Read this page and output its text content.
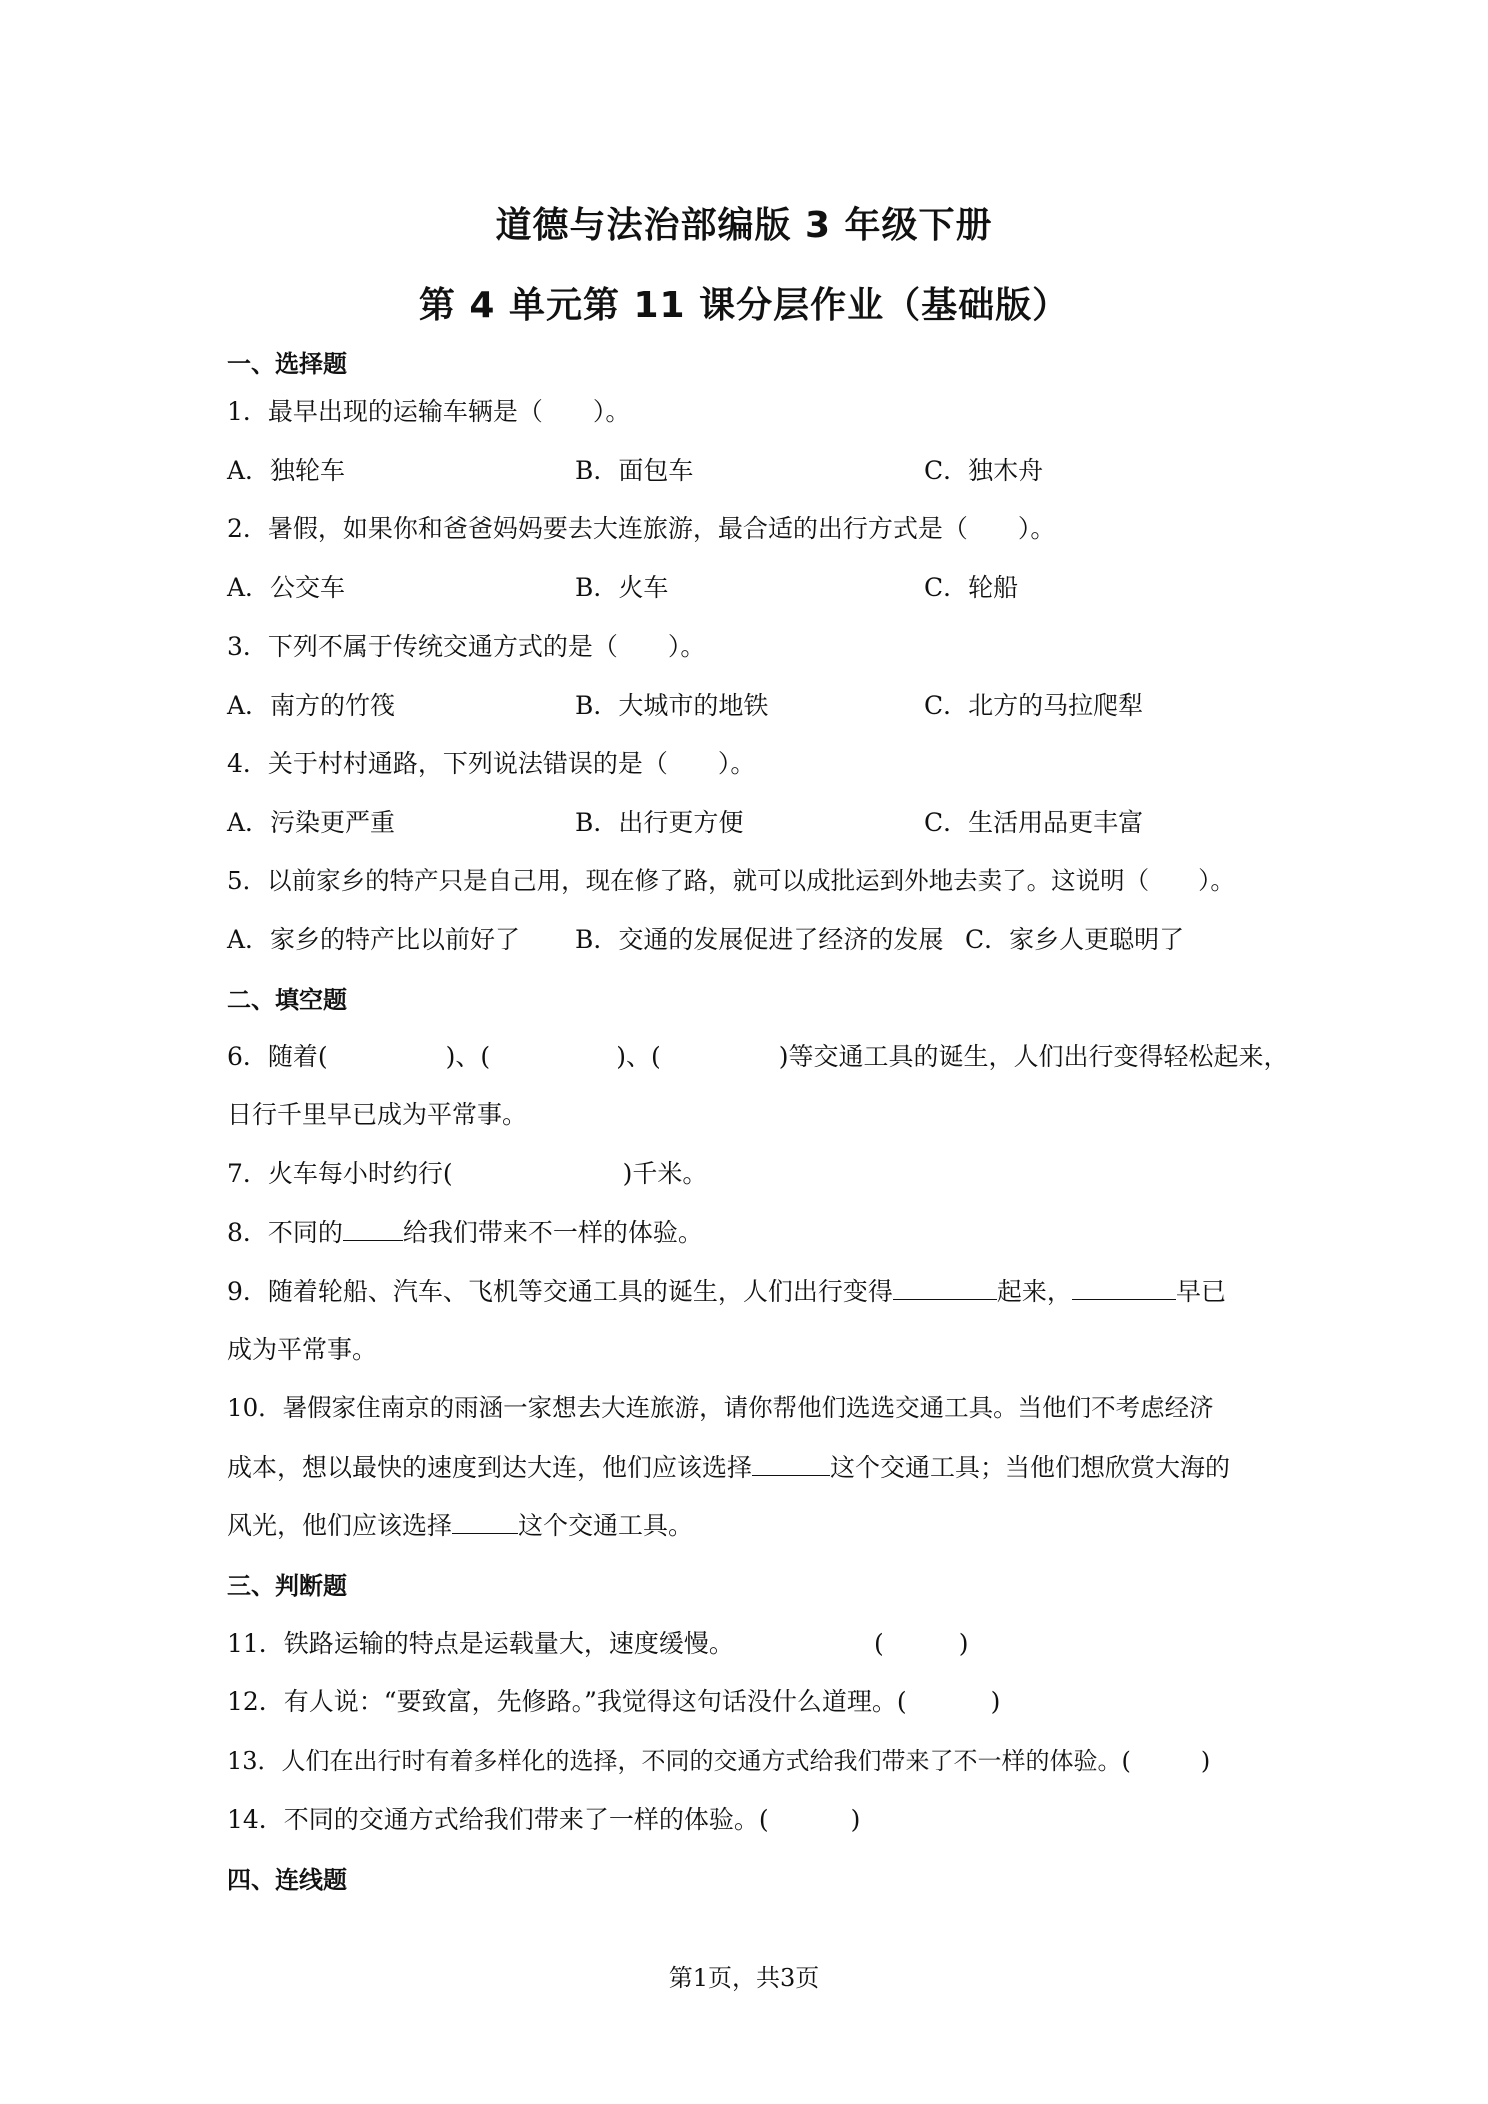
道德与法治部编版 3 年级下册
第 4 单元第 11 课分层作业（基础版）
一、选择题
1．最早出现的运输车辆是（　　）。
A．独轮车	B．面包车	C．独木舟
2．暑假，如果你和爸爸妈妈要去大连旅游，最合适的出行方式是（　　）。
A．公交车	B．火车	C．轮船
3．下列不属于传统交通方式的是（　　）。
A．南方的竹筏	B．大城市的地铁	C．北方的马拉爬犁
4．关于村村通路，下列说法错误的是（　　）。
A．污染更严重	B．出行更方便	C．生活用品更丰富
5．以前家乡的特产只是自己用，现在修了路，就可以成批运到外地去卖了。这说明（　　）。
A．家乡的特产比以前好了 B．交通的发展促进了经济的发展 C．家乡人更聪明了
二、填空题
6．随着(	)、(	)、(	)等交通工具的诞生，人们出行变得轻松起来，
日行千里早已成为平常事。
7．火车每小时约行(	)千米。
8．不同的 给我们带来不一样的体验。
9．随着轮船、汽车、飞机等交通工具的诞生，人们出行变得	起来，	早已
成为平常事。
10．暑假家住南京的雨涵一家想去大连旅游，请你帮他们选选交通工具。当他们不考虑经济
成本，想以最快的速度到达大连，他们应该选择	这个交通工具；当他们想欣赏大海的
风光，他们应该选择	这个交通工具。
三、判断题
11．铁路运输的特点是运载量大，速度缓慢。	(　　　)
12．有人说：“要致富，先修路。”我觉得这句话没什么道理。(	)
13．人们在出行时有着多样化的选择，不同的交通方式给我们带来了不一样的体验。(	)
14．不同的交通方式给我们带来了一样的体验。(	)
四、连线题
第1页，共3页
